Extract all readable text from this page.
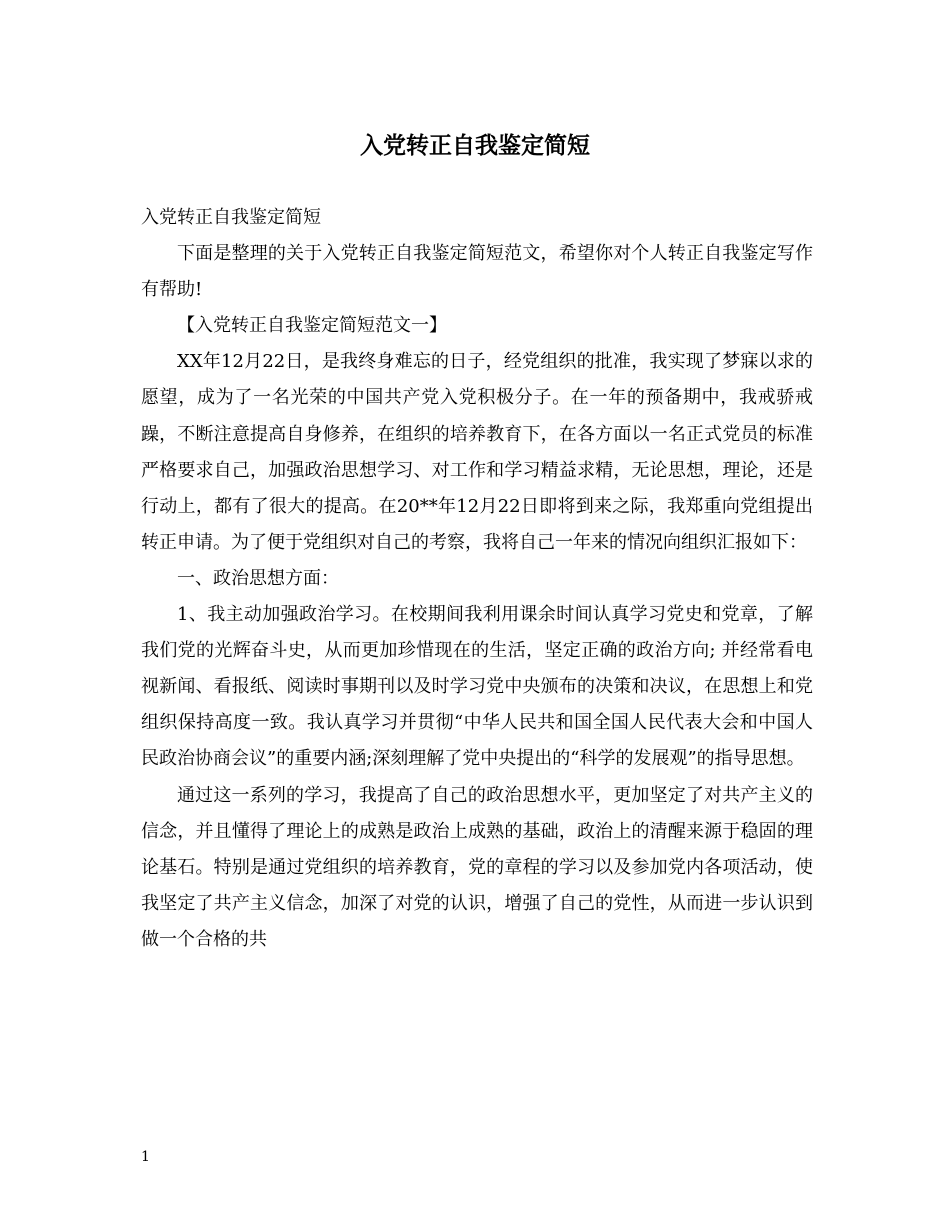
入党转正自我鉴定简短

入党转正自我鉴定简短

下面是整理的关于入党转正自我鉴定简短范文，希望你对个人转正自我鉴定写作有帮助!

【入党转正自我鉴定简短范文一】

XX年12月22日，是我终身难忘的日子，经党组织的批准，我实现了梦寐以求的愿望，成为了一名光荣的中国共产党入党积极分子。在一年的预备期中，我戒骄戒躁，不断注意提高自身修养，在组织的培养教育下，在各方面以一名正式党员的标准严格要求自己，加强政治思想学习、对工作和学习精益求精，无论思想，理论，还是行动上，都有了很大的提高。在20**年12月22日即将到来之际，我郑重向党组提出转正申请。为了便于党组织对自己的考察，我将自己一年来的情况向组织汇报如下：

一、政治思想方面：

1、我主动加强政治学习。在校期间我利用课余时间认真学习党史和党章，了解我们党的光辉奋斗史，从而更加珍惜现在的生活，坚定正确的政治方向; 并经常看电视新闻、看报纸、阅读时事期刊以及时学习党中央颁布的决策和决议，在思想上和党组织保持高度一致。我认真学习并贯彻“中华人民共和国全国人民代表大会和中国人民政治协商会议”的重要内涵;深刻理解了党中央提出的“科学的发展观”的指导思想。

通过这一系列的学习，我提高了自己的政治思想水平，更加坚定了对共产主义的信念，并且懂得了理论上的成熟是政治上成熟的基础，政治上的清醒来源于稳固的理论基石。特别是通过党组织的培养教育，党的章程的学习以及参加党内各项活动，使我坚定了共产主义信念，加深了对党的认识，增强了自己的党性，从而进一步认识到做一个合格的共

1
